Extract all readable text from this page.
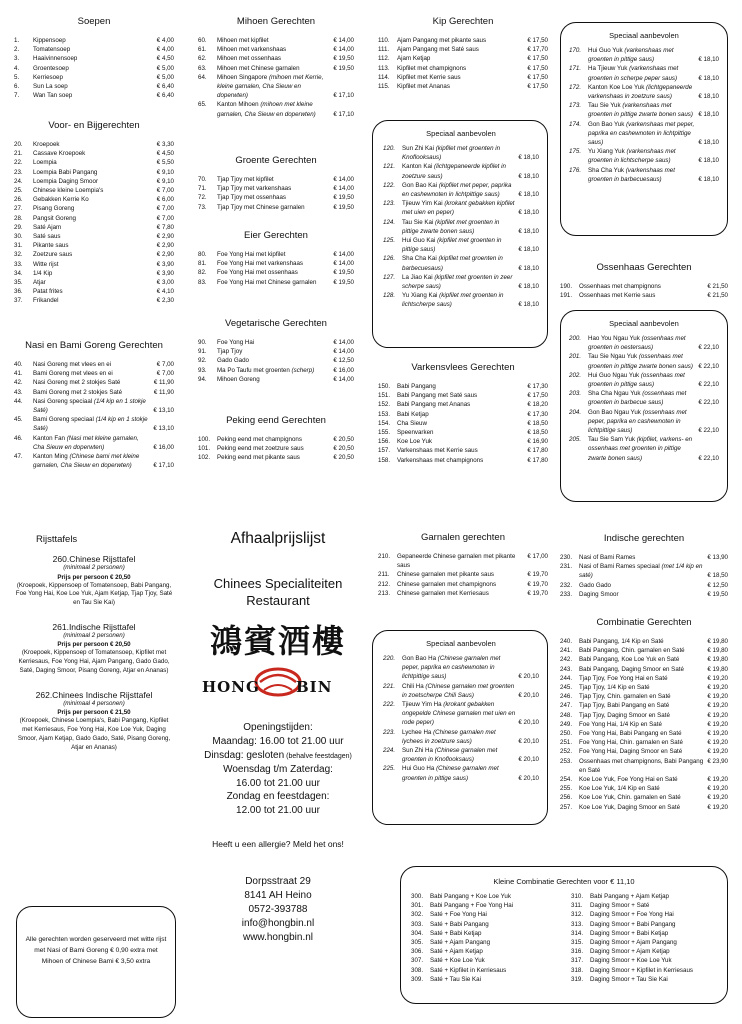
Soepen
1.	Kippensoep	€ 4,00
2.	Tomatensoep	€ 4,00
3.	Haaivinnensoep	€ 4,50
4.	Groentesoep	€ 5,00
5.	Kerriesoep	€ 5,00
6.	Sun La soep	€ 6,40
7.	Wan Tan soep	€ 6,40
Voor- en Bijgerechten
20.	Kroepoek	€ 3,30
21.	Cassave Kroepoek	€ 4,50
22.	Loempia	€ 5,50
23.	Loempia Babi Pangang	€ 9,10
24.	Loempia Daging Smoor	€ 9,10
25.	Chinese kleine Loempia's	€ 7,00
26.	Gebakken Kerrie Ko	€ 6,00
27.	Pisang Goreng	€ 7,00
28.	Pangsit Goreng	€ 7,00
29.	Saté Ajam	€ 7,80
30.	Saté saus	€ 2,90
31.	Pikante saus	€ 2,90
32.	Zoetzure saus	€ 2,90
33.	Witte rijst	€ 3,90
34.	1/4 Kip	€ 3,90
35.	Atjar	€ 3,00
36.	Patat frites	€ 4,10
37.	Frikandel	€ 2,30
Nasi en Bami Goreng Gerechten
40.	Nasi Goreng met vlees en ei	€ 7,00
41.	Bami Goreng met vlees en ei	€ 7,00
42.	Nasi Goreng met 2 stokjes Saté	€ 11,90
43.	Bami Goreng met 2 stokjes Saté	€ 11,90
44.	Nasi Goreng speciaal (1/4 kip en 1 stokje Saté)	€ 13,10
45.	Bami Goreng speciaal (1/4 kip en 1 stokje Saté)	€ 13,10
46.	Kanton Fan (Nasi met kleine garnalen, Cha Sieuw en doperwten)	€ 16,00
47.	Kanton Ming (Chinese bami met kleine garnalen, Cha Sieuw en doperwten)	€ 17,10
Mihoen Gerechten
60.	Mihoen met kipfilet	€ 14,00
61.	Mihoen met varkenshaas	€ 14,00
62.	Mihoen met ossenhaas	€ 19,50
63.	Mihoen met Chinese garnalen	€ 19,50
64.	Mihoen Singapore (mihoen met Kerrie, kleine garnalen, Cha Sieuw en doperwten)	€ 17,10
65.	Kanton Mihoen (mihoen met kleine garnalen, Cha Sieuw en doperwten)	€ 17,10
Groente Gerechten
70.	Tjap Tjoy met kipfilet	€ 14,00
71.	Tjap Tjoy met varkenshaas	€ 14,00
72.	Tjap Tjoy met ossenhaas	€ 19,50
73.	Tjap Tjoy met Chinese garnalen	€ 19,50
Eier Gerechten
80.	Foe Yong Hai met kipfilet	€ 14,00
81.	Foe Yong Hai met varkenshaas	€ 14,00
82.	Foe Yong Hai met ossenhaas	€ 19,50
83.	Foe Yong Hai met Chinese garnalen	€ 19,50
Vegetarische Gerechten
90.	Foe Yong Hai	€ 14,00
91.	Tjap Tjoy	€ 14,00
92.	Gado Gado	€ 12,50
93.	Ma Po Taufu met groenten (scherp)	€ 16,00
94.	Mihoen Goreng	€ 14,00
Peking eend Gerechten
100.	Peking eend met champignons	€ 20,50
101.	Peking eend met zoetzure saus	€ 20,50
102.	Peking eend met pikante saus	€ 20,50
Kip Gerechten
110.	Ajam Pangang met pikante saus	€ 17,50
111.	Ajam Pangang met Saté saus	€ 17,70
112.	Ajam Ketjap	€ 17,50
113.	Kipfilet met champignons	€ 17,50
114.	Kipfilet met Kerrie saus	€ 17,50
115.	Kipfilet met Ananas	€ 17,50
Varkensvlees Gerechten
150.	Babi Pangang	€ 17,30
151.	Babi Pangang met Saté saus	€ 17,50
152.	Babi Pangang met Ananas	€ 18,20
153.	Babi Ketjap	€ 17,30
154.	Cha Sieuw	€ 18,50
155.	Speenvarken	€ 18,50
156.	Koe Loe Yuk	€ 16,90
157.	Varkenshaas met Kerrie saus	€ 17,80
158.	Varkenshaas met champignons	€ 17,80
Garnalen gerechten
210.	Gepaneerde Chinese garnalen met pikante saus
€ 17,00
211.	Chinese garnalen met pikante saus	€ 19,70
212.	Chinese garnalen met champignons	€ 19,70
213.	Chinese garnalen met Kerriesaus	€ 19,70
Speciaal aanbevolen
120.	Sun Zhi Kai (kipfilet met groenten in Knoflooksaus)	€ 18,10
121.	Kanton Kai (lichtgepaneerde kipfilet in zoetzure saus)	€ 18,10
122.	Gon Bao Kai (kipfilet met peper, paprika en cashewnoten in lichtpittige saus)	€ 18,10
123.	Tjieuw Yim Kai (krokant gebakken kipfilet met uien en peper)	€ 18,10
124.	Tau Sie Kai (kipfilet met groenten in pittige zwarte bonen saus)	€ 18,10
125.	Hui Guo Kai (kipfilet met groenten in pittige saus)	€ 18,10
126.	Sha Cha Kai (kipfilet met groenten in barbecuesaus)	€ 18,10
127.	La Jiao Kai (kipfilet met groenten in zeer scherpe saus)	€ 18,10
128.	Yu Xiang Kai (kipfilet met groenten in lichtscherpe saus)	€ 18,10
Speciaal aanbevolen
220.	Gon Bao Ha (Chinese garnalen met peper, paprika en cashewnoten in lichtpittige saus)	€ 20,10
221.	Chili Ha (Chinese garnalen met groenten in zoetscherpe Chili Saus)	€ 20,10
222.	Tjieuw Yim Ha (krokant gebakken ongepelde Chinese garnalen met uien en rode peper)	€ 20,10
223.	Lychee Ha (Chinese garnalen met lychees in zoetzure saus)	€ 20,10
224.	Sun Zhi Ha (Chinese garnalen met groenten in Knoflooksaus)	€ 20,10
225.	Hui Guo Ha (Chinese garnalen met groenten in pittige saus)	€ 20,10
Speciaal aanbevolen
170.	Hui Guo Yuk (varkenshaas met groenten in pittige saus)	€ 18,10
171.	Ha Tjieuw Yuk (varkenshaas met groenten in scherpe peper saus)	€ 18,10
172.	Kanton Koe Loe Yuk (lichtgepaneerde varkenshaas in zoetzure saus)	€ 18,10
173.	Tau Sie Yuk (varkenshaas met groenten in pittige zwarte bonen saus) € 18,10
174.	Gon Bao Yuk (varkenshaas met peper, paprika en cashewnoten in lichtpittige saus)	€ 18,10
175.	Yu Xiang Yuk (varkenshaas met groenten in lichtscherpe saus)	€ 18,10
176.	Sha Cha Yuk (varkenshaas met groenten in barbecuesaus)	€ 18,10
Ossenhaas Gerechten
190.	Ossenhaas met champignons	€ 21,50
191.	Ossenhaas met Kerrie saus	€ 21,50
Indische gerechten
230.	Nasi of Bami Rames	€ 13,90
231.	Nasi of Bami Rames speciaal (met 1/4 kip en saté)	€ 18,50
232.	Gado Gado	€ 12,50
233.	Daging Smoor	€ 19,50
Combinatie Gerechten
240.	Babi Pangang, 1/4 Kip en Saté	€ 19,80
241.	Babi Pangang, Chin. garnalen en Saté	€ 19,80
242.	Babi Pangang, Koe Loe Yuk en Saté	€ 19,80
243.	Babi Pangang, Daging Smoor en Saté	€ 19,80
244.	Tjap Tjoy, Foe Yong Hai en Saté	€ 19,20
245.	Tjap Tjoy, 1/4 Kip en Saté	€ 19,20
246.	Tjap Tjoy, Chin. garnalen en Saté	€ 19,20
247.	Tjap Tjoy, Babi Pangang en Saté	€ 19,20
248.	Tjap Tjoy, Daging Smoor en Saté	€ 19,20
249.	Foe Yong Hai, 1/4 Kip en Saté	€ 19,20
250.	Foe Yong Hai, Babi Pangang en Saté	€ 19,20
251.	Foe Yong Hai, Chin. garnalen en Saté	€ 19,20
252.	Foe Yong Hai, Daging Smoor en Saté	€ 19,20
253.	Ossenhaas met champignons, Babi Pangang en Saté
€ 23,90
254.	Koe Loe Yuk, Foe Yong Hai en Saté	€ 19,20
255.	Koe Loe Yuk, 1/4 Kip en Saté	€ 19,20
256.	Koe Loe Yuk, Chin. garnalen en Saté	€ 19,20
257.	Koe Loe Yuk, Daging Smoor en Saté	€ 19,20
Speciaal aanbevolen
200.	Hao You Ngau Yuk (ossenhaas met groenten in oestersaus)	€ 22,10
201.	Tau Sie Ngau Yuk (ossenhaas met groenten in pittige zwarte bonen saus) € 22,10
202.	Hui Guo Ngau Yuk (ossenhaas met groenten in pittige saus)	€ 22,10
203.	Sha Cha Ngau Yuk (ossenhaas met groenten in barbecue saus)	€ 22,10
204.	Gon Bao Ngau Yuk (ossenhaas met peper, paprika en cashewnoten in lichtpittige saus)	€ 22,10
205.	Tau Sie Sam Yuk (kipfilet, varkens- en ossenhaas met groenten in pittige zwarte bonen saus)	€ 22,10
Kleine Combinatie Gerechten voor € 11,10
300.	Babi Pangang + Koe Loe Yuk
301.	Babi Pangang + Foe Yong Hai
302.	Saté + Foe Yong Hai
303.	Saté + Babi Pangang
304.	Saté + Babi Ketjap
305.	Saté + Ajam Pangang
306.	Saté + Ajam Ketjap
307.	Saté + Koe Loe Yuk
308.	Saté + Kipfilet in Kerriesaus
309.	Saté + Tau Sie Kai
310.	Babi Pangang + Ajam Ketjap
311.	Daging Smoor + Saté
312.	Daging Smoor + Foe Yong Hai
313.	Daging Smoor + Babi Pangang
314.	Daging Smoor + Babi Ketjap
315.	Daging Smoor + Ajam Pangang
316.	Daging Smoor + Ajam Ketjap
317.	Daging Smoor + Koe Loe Yuk
318.	Daging Smoor + Kipfilet in Kerriesaus
319.	Daging Smoor + Tau Sie Kai
Rijsttafels
260.Chinese Rijsttafel
(minimaal 2 personen)
Prijs per persoon € 20,50
(Kroepoek, Kippensoep of Tomatensoep, Babi Pangang, Foe Yong Hai, Koe Loe Yuk, Ajam Ketjap, Tjap Tjoy, Saté en Tau Sie Kai)
261.Indische Rijsttafel
(minimaal 2 personen)
Prijs per persoon € 20,50
(Kroepoek, Kippensoep of Tomatensoep, Kipfilet met Kerriesaus, Foe Yong Hai, Ajam Pangang, Gado Gado, Saté, Daging Smoor, Pisang Goreng, Atjar en Ananas)
262.Chinees Indische Rijsttafel
(minimaal 4 personen)
Prijs per persoon € 21,50
(Kroepoek, Chinese Loempia's, Babi Pangang, Kipfilet met Kerriesaus, Foe Yong Hai, Koe Loe Yuk, Daging Smoor, Ajam Ketjap, Gado Gado, Saté, Pisang Goreng, Atjar en Ananas)
Alle gerechten worden geserveerd met witte rijst met Nasi of Bami Goreng € 0,90 extra met Mihoen of Chinese Bami € 3,50 extra
Afhaalprijslijst
Chinees Specialiteiten
Restaurant
鴻賓酒樓
HONG BIN
Openingstijden:
Maandag: 16.00 tot 21.00 uur
Dinsdag: gesloten (behalve feestdagen)
Woensdag t/m Zaterdag:
16.00 tot 21.00 uur
Zondag en feestdagen:
12.00 tot 21.00 uur
Heeft u een allergie? Meld het ons!
Dorpsstraat 29
8141 AH Heino
0572-393788
info@hongbin.nl
www.hongbin.nl
